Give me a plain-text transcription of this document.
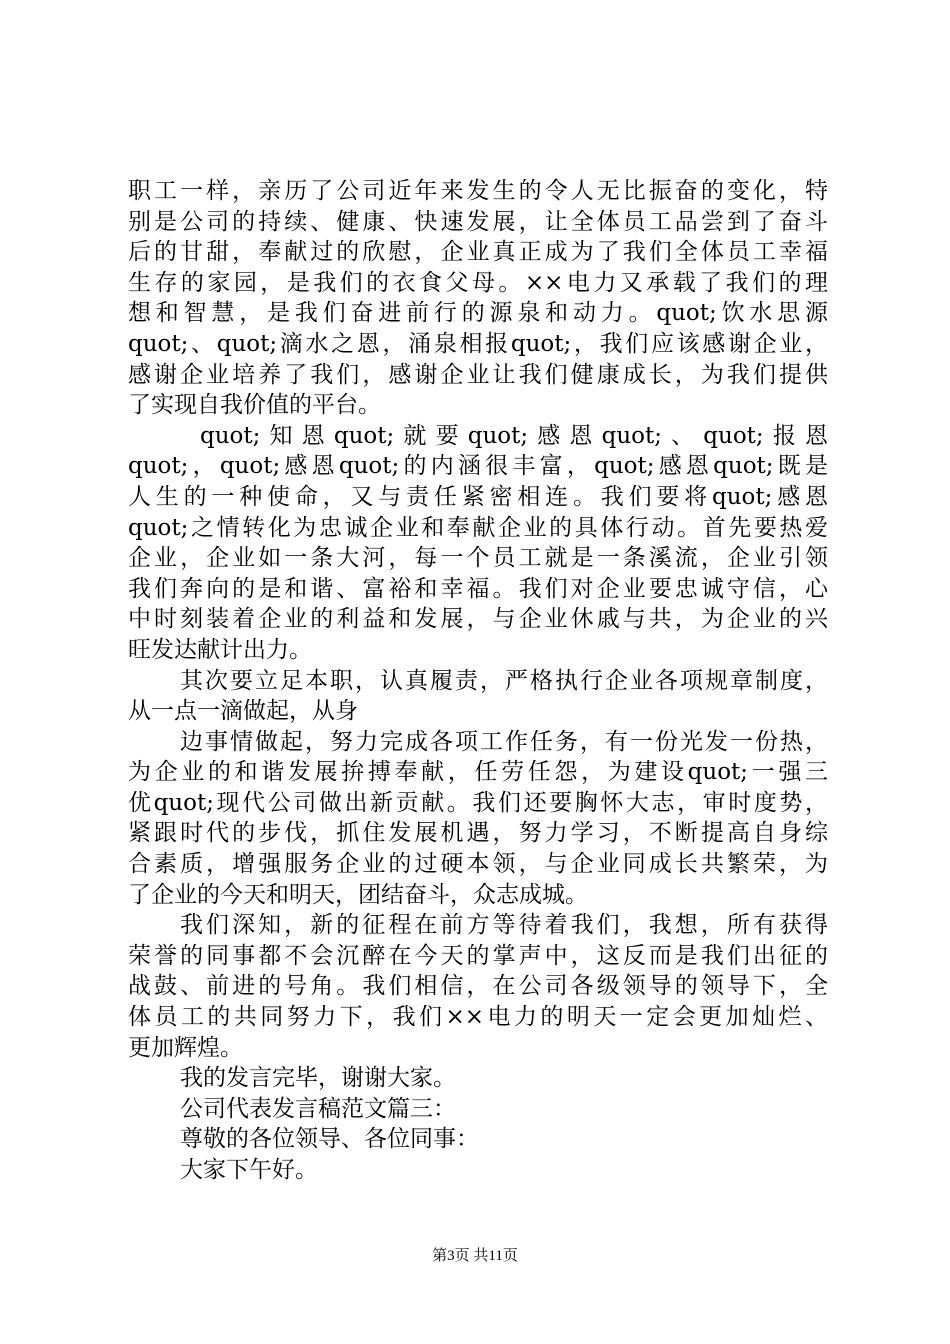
职工一样，亲历了公司近年来发生的令人无比振奋的变化，特
别是公司的持续、健康、快速发展，让全体员工品尝到了奋斗
后的甘甜，奉献过的欣慰，企业真正成为了我们全体员工幸福
生存的家园，是我们的衣食父母。××电力又承载了我们的理
想和智慧，是我们奋进前行的源泉和动力。quot;饮水思源
quot;、quot;滴水之恩，涌泉相报quot;，我们应该感谢企业，
感谢企业培养了我们，感谢企业让我们健康成长，为我们提供
了实现自我价值的平台。
quot;知恩quot;就要quot;感恩quot;、quot;报恩
quot;，quot;感恩quot;的内涵很丰富，quot;感恩quot;既是
人生的一种使命，又与责任紧密相连。我们要将quot;感恩
quot;之情转化为忠诚企业和奉献企业的具体行动。首先要热爱
企业，企业如一条大河，每一个员工就是一条溪流，企业引领
我们奔向的是和谐、富裕和幸福。我们对企业要忠诚守信，心
中时刻装着企业的利益和发展，与企业休戚与共，为企业的兴
旺发达献计出力。
其次要立足本职，认真履责，严格执行企业各项规章制度，
从一点一滴做起，从身
边事情做起，努力完成各项工作任务，有一份光发一份热，
为企业的和谐发展拚搏奉献，任劳任怨，为建设quot;一强三
优quot;现代公司做出新贡献。我们还要胸怀大志，审时度势，
紧跟时代的步伐，抓住发展机遇，努力学习，不断提高自身综
合素质，增强服务企业的过硬本领，与企业同成长共繁荣，为
了企业的今天和明天，团结奋斗，众志成城。
我们深知，新的征程在前方等待着我们，我想，所有获得
荣誉的同事都不会沉醉在今天的掌声中，这反而是我们出征的
战鼓、前进的号角。我们相信，在公司各级领导的领导下，全
体员工的共同努力下，我们××电力的明天一定会更加灿烂、
更加辉煌。
我的发言完毕，谢谢大家。
公司代表发言稿范文篇三：
尊敬的各位领导、各位同事：
大家下午好。
第3页 共11页
